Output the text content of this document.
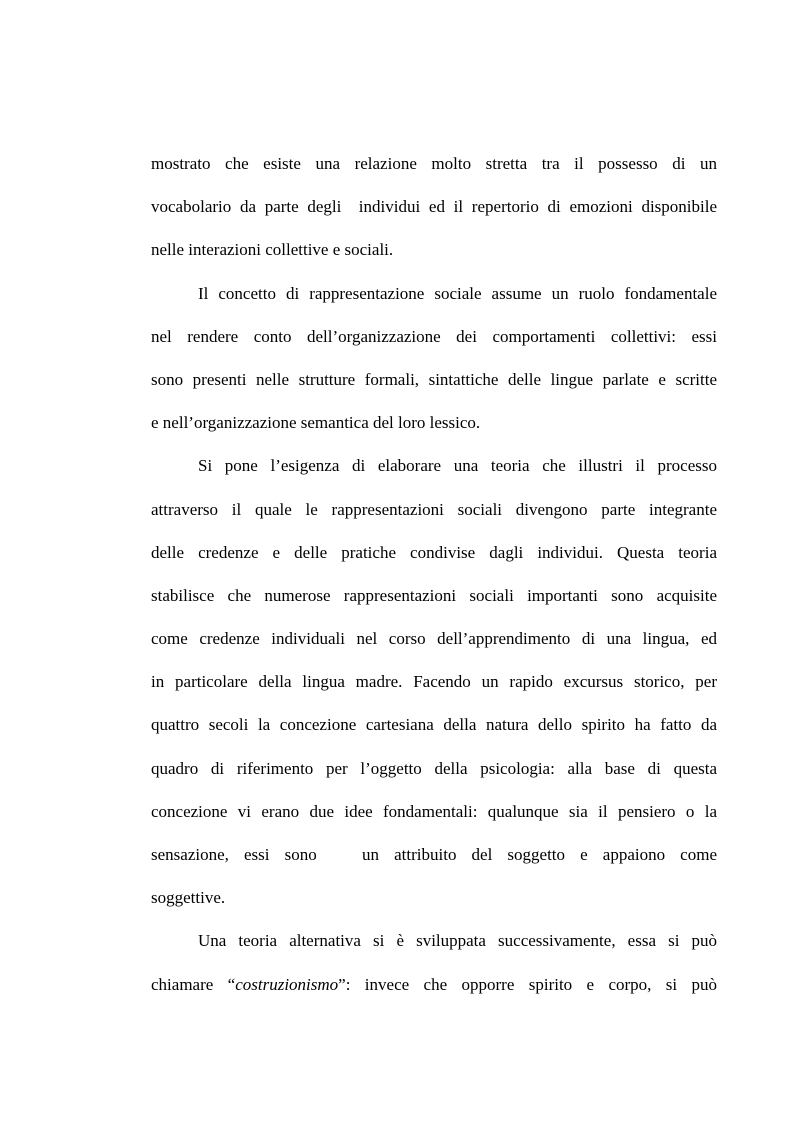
mostrato che esiste una relazione molto stretta tra il possesso di un
vocabolario da parte degli  individui ed il repertorio di emozioni disponibile
nelle interazioni collettive e sociali.
Il concetto di rappresentazione sociale assume un ruolo fondamentale
nel rendere conto dell’organizzazione dei comportamenti collettivi: essi
sono presenti nelle strutture formali, sintattiche delle lingue parlate e scritte
e nell’organizzazione semantica del loro lessico.
Si pone l’esigenza di elaborare una teoria che illustri il processo
attraverso il quale le rappresentazioni sociali divengono parte integrante
delle credenze e delle pratiche condivise dagli individui. Questa teoria
stabilisce che numerose rappresentazioni sociali importanti sono acquisite
come credenze individuali nel corso dell’apprendimento di una lingua, ed
in particolare della lingua madre. Facendo un rapido excursus storico, per
quattro secoli la concezione cartesiana della natura dello spirito ha fatto da
quadro di riferimento per l’oggetto della psicologia: alla base di questa
concezione vi erano due idee fondamentali: qualunque sia il pensiero o la
sensazione, essi sono   un attribuito del soggetto e appaiono come
soggettive.
Una teoria alternativa si è sviluppata successivamente, essa si può
chiamare “costruzionismo”: invece che opporre spirito e corpo, si può
